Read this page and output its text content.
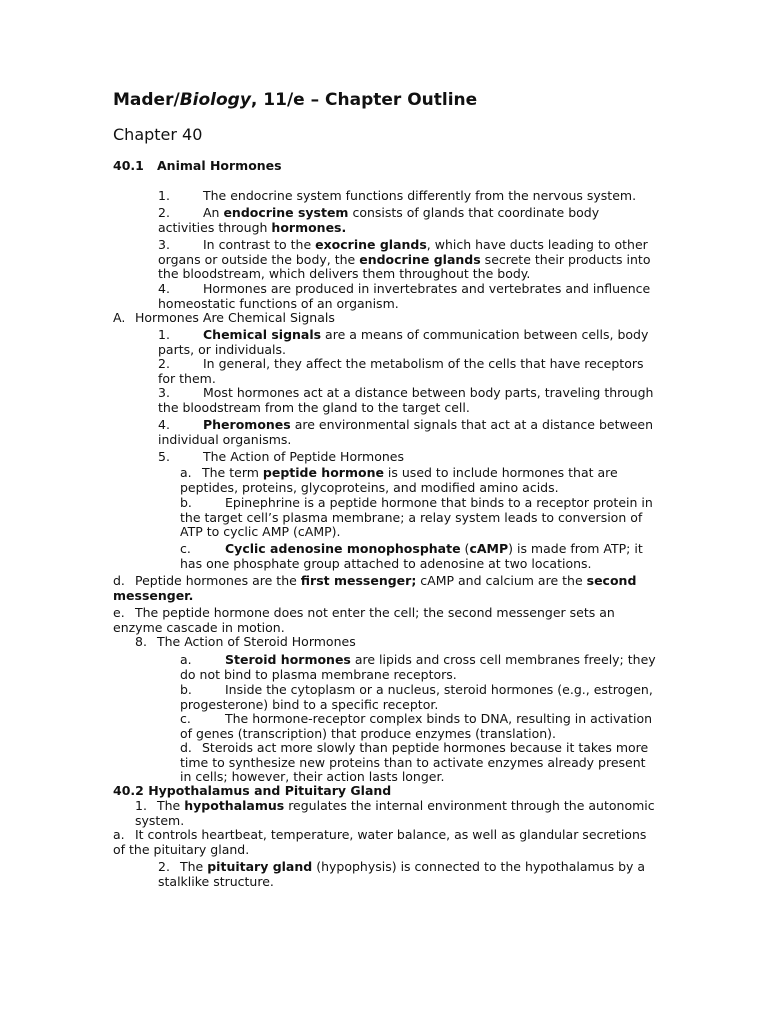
Mader/Biology, 11/e – Chapter Outline
Chapter 40
40.1 Animal Hormones
1.	The endocrine system functions differently from the nervous system.
2.	An endocrine system consists of glands that coordinate body activities through hormones.
3.	In contrast to the exocrine glands, which have ducts leading to other organs or outside the body, the endocrine glands secrete their products into the bloodstream, which delivers them throughout the body.
4.	Hormones are produced in invertebrates and vertebrates and influence homeostatic functions of an organism.
A. Hormones Are Chemical Signals
1.	Chemical signals are a means of communication between cells, body parts, or individuals.
2.	In general, they affect the metabolism of the cells that have receptors for them.
3.	Most hormones act at a distance between body parts, traveling through the bloodstream from the gland to the target cell.
4.	Pheromones are environmental signals that act at a distance between individual organisms.
5.	The Action of Peptide Hormones
a. The term peptide hormone is used to include hormones that are peptides, proteins, glycoproteins, and modified amino acids.
b.	Epinephrine is a peptide hormone that binds to a receptor protein in the target cell’s plasma membrane; a relay system leads to conversion of ATP to cyclic AMP (cAMP).
c.	Cyclic adenosine monophosphate (cAMP) is made from ATP; it has one phosphate group attached to adenosine at two locations.
d. Peptide hormones are the first messenger; cAMP and calcium are the second messenger.
e. The peptide hormone does not enter the cell; the second messenger sets an enzyme cascade in motion.
8. The Action of Steroid Hormones
a.	Steroid hormones are lipids and cross cell membranes freely; they do not bind to plasma membrane receptors.
b.	Inside the cytoplasm or a nucleus, steroid hormones (e.g., estrogen, progesterone) bind to a specific receptor.
c.	The hormone-receptor complex binds to DNA, resulting in activation of genes (transcription) that produce enzymes (translation).
d. Steroids act more slowly than peptide hormones because it takes more time to synthesize new proteins than to activate enzymes already present in cells; however, their action lasts longer.
40.2 Hypothalamus and Pituitary Gland
1. The hypothalamus regulates the internal environment through the autonomic system.
a. It controls heartbeat, temperature, water balance, as well as glandular secretions of the pituitary gland.
2. The pituitary gland (hypophysis) is connected to the hypothalamus by a stalklike structure.
